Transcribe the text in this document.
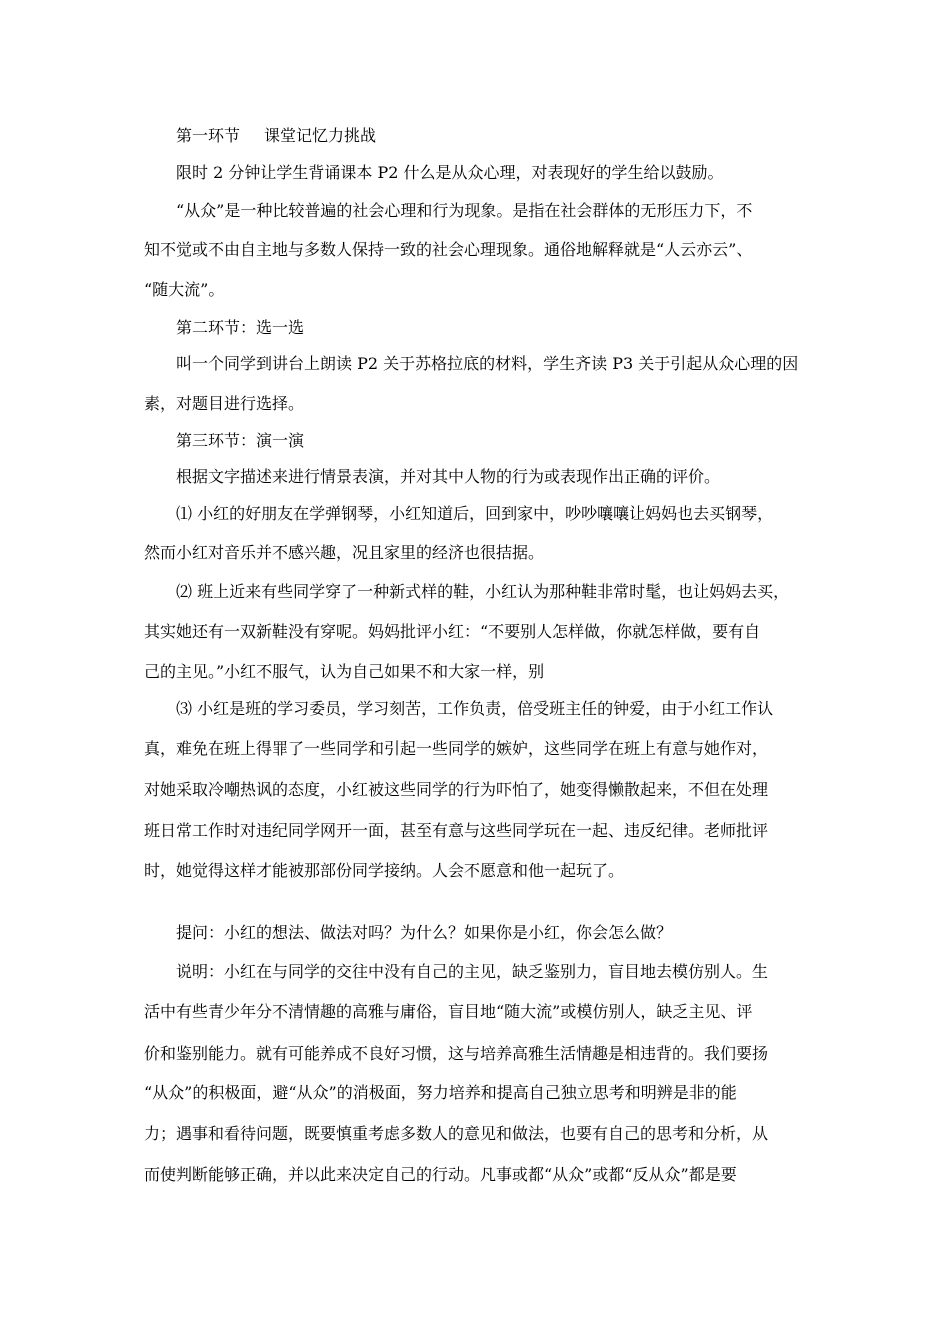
第一环节 课堂记忆力挑战
限时 2 分钟让学生背诵课本 P2 什么是从众心理，对表现好的学生给以鼓励。
“从众”是一种比较普遍的社会心理和行为现象。是指在社会群体的无形压力下，不
知不觉或不由自主地与多数人保持一致的社会心理现象。通俗地解释就是“人云亦云”、
“随大流”。
第二环节：选一选
叫一个同学到讲台上朗读 P2 关于苏格拉底的材料，学生齐读 P3 关于引起从众心理的因
素，对题目进行选择。
第三环节：演一演
根据文字描述来进行情景表演，并对其中人物的行为或表现作出正确的评价。
⑴ 小红的好朋友在学弹钢琴，小红知道后，回到家中，吵吵嚷嚷让妈妈也去买钢琴，
然而小红对音乐并不感兴趣，况且家里的经济也很拮据。
⑵ 班上近来有些同学穿了一种新式样的鞋，小红认为那种鞋非常时髦，也让妈妈去买，
其实她还有一双新鞋没有穿呢。妈妈批评小红：“不要别人怎样做，你就怎样做，要有自
己的主见。”小红不服气，认为自己如果不和大家一样，别
⑶ 小红是班的学习委员，学习刻苦，工作负责，倍受班主任的钟爱，由于小红工作认
真，难免在班上得罪了一些同学和引起一些同学的嫉妒，这些同学在班上有意与她作对，
对她采取冷嘲热讽的态度，小红被这些同学的行为吓怕了，她变得懒散起来，不但在处理
班日常工作时对违纪同学网开一面，甚至有意与这些同学玩在一起、违反纪律。老师批评
时，她觉得这样才能被那部份同学接纳。人会不愿意和他一起玩了。
提问：小红的想法、做法对吗？为什么？如果你是小红，你会怎么做？
说明：小红在与同学的交往中没有自己的主见，缺乏鉴别力，盲目地去模仿别人。生
活中有些青少年分不清情趣的高雅与庸俗，盲目地“随大流”或模仿别人，缺乏主见、评
价和鉴别能力。就有可能养成不良好习惯，这与培养高雅生活情趣是相违背的。我们要扬
“从众”的积极面，避“从众”的消极面，努力培养和提高自己独立思考和明辨是非的能
力；遇事和看待问题，既要慎重考虑多数人的意见和做法，也要有自己的思考和分析，从
而使判断能够正确，并以此来决定自己的行动。凡事或都“从众”或都“反从众”都是要
